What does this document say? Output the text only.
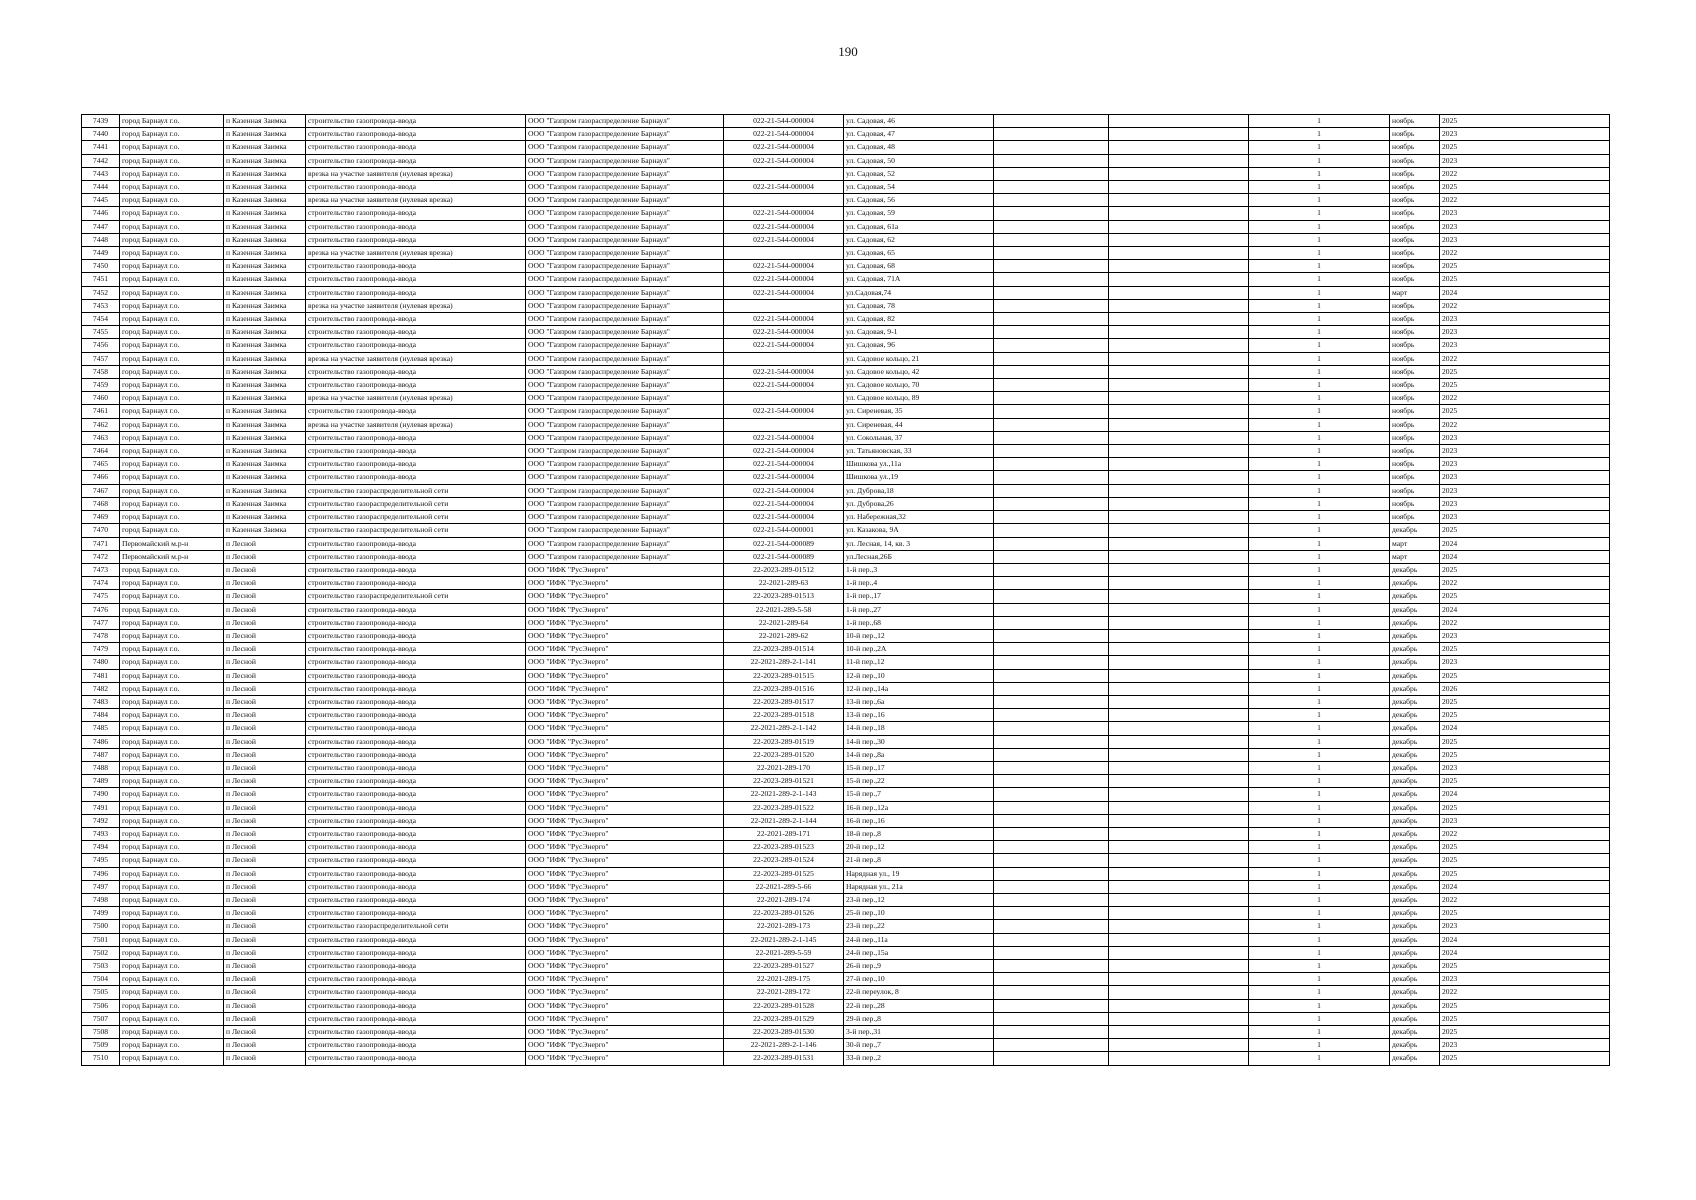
190
7439	город Барнаул г.о.	п Казенная Заимка	строительство газопровода-ввода	ООО "Газпром газораспределение Барнаул"	022-21-544-000004	ул. Садовая, 46			1	ноябрь	2025
7440	город Барнаул г.о.	п Казенная Заимка	строительство газопровода-ввода	ООО "Газпром газораспределение Барнаул"	022-21-544-000004	ул. Садовая, 47			1	ноябрь	2023
7441	город Барнаул г.о.	п Казенная Заимка	строительство газопровода-ввода	ООО "Газпром газораспределение Барнаул"	022-21-544-000004	ул. Садовая, 48			1	ноябрь	2025
7442	город Барнаул г.о.	п Казенная Заимка	строительство газопровода-ввода	ООО "Газпром газораспределение Барнаул"	022-21-544-000004	ул. Садовая, 50			1	ноябрь	2023
7443	город Барнаул г.о.	п Казенная Заимка	врезка на участке заявителя (нулевая врезка)	ООО "Газпром газораспределение Барнаул"		ул. Садовая, 52			1	ноябрь	2022
7444	город Барнаул г.о.	п Казенная Заимка	строительство газопровода-ввода	ООО "Газпром газораспределение Барнаул"	022-21-544-000004	ул. Садовая, 54			1	ноябрь	2025
7445	город Барнаул г.о.	п Казенная Заимка	врезка на участке заявителя (нулевая врезка)	ООО "Газпром газораспределение Барнаул"		ул. Садовая, 56			1	ноябрь	2022
7446	город Барнаул г.о.	п Казенная Заимка	строительство газопровода-ввода	ООО "Газпром газораспределение Барнаул"	022-21-544-000004	ул. Садовая, 59			1	ноябрь	2023
7447	город Барнаул г.о.	п Казенная Заимка	строительство газопровода-ввода	ООО "Газпром газораспределение Барнаул"	022-21-544-000004	ул. Садовая, 61а			1	ноябрь	2023
7448	город Барнаул г.о.	п Казенная Заимка	строительство газопровода-ввода	ООО "Газпром газораспределение Барнаул"	022-21-544-000004	ул. Садовая, 62			1	ноябрь	2023
7449	город Барнаул г.о.	п Казенная Заимка	врезка на участке заявителя (нулевая врезка)	ООО "Газпром газораспределение Барнаул"		ул. Садовая, 65			1	ноябрь	2022
7450	город Барнаул г.о.	п Казенная Заимка	строительство газопровода-ввода	ООО "Газпром газораспределение Барнаул"	022-21-544-000004	ул. Садовая, 68			1	ноябрь	2025
7451	город Барнаул г.о.	п Казенная Заимка	строительство газопровода-ввода	ООО "Газпром газораспределение Барнаул"	022-21-544-000004	ул. Садовая, 71А			1	ноябрь	2025
7452	город Барнаул г.о.	п Казенная Заимка	строительство газопровода-ввода	ООО "Газпром газораспределение Барнаул"	022-21-544-000004	ул.Садовая,74			1	март	2024
7453	город Барнаул г.о.	п Казенная Заимка	врезка на участке заявителя (нулевая врезка)	ООО "Газпром газораспределение Барнаул"		ул. Садовая, 78			1	ноябрь	2022
7454	город Барнаул г.о.	п Казенная Заимка	строительство газопровода-ввода	ООО "Газпром газораспределение Барнаул"	022-21-544-000004	ул. Садовая, 82			1	ноябрь	2023
7455	город Барнаул г.о.	п Казенная Заимка	строительство газопровода-ввода	ООО "Газпром газораспределение Барнаул"	022-21-544-000004	ул. Садовая, 9-1			1	ноябрь	2023
7456	город Барнаул г.о.	п Казенная Заимка	строительство газопровода-ввода	ООО "Газпром газораспределение Барнаул"	022-21-544-000004	ул. Садовая, 96			1	ноябрь	2023
7457	город Барнаул г.о.	п Казенная Заимка	врезка на участке заявителя (нулевая врезка)	ООО "Газпром газораспределение Барнаул"		ул. Садовое кольцо, 21			1	ноябрь	2022
7458	город Барнаул г.о.	п Казенная Заимка	строительство газопровода-ввода	ООО "Газпром газораспределение Барнаул"	022-21-544-000004	ул. Садовое кольцо, 42			1	ноябрь	2025
7459	город Барнаул г.о.	п Казенная Заимка	строительство газопровода-ввода	ООО "Газпром газораспределение Барнаул"	022-21-544-000004	ул. Садовое кольцо, 70			1	ноябрь	2025
7460	город Барнаул г.о.	п Казенная Заимка	врезка на участке заявителя (нулевая врезка)	ООО "Газпром газораспределение Барнаул"		ул. Садовое кольцо, 89			1	ноябрь	2022
7461	город Барнаул г.о.	п Казенная Заимка	строительство газопровода-ввода	ООО "Газпром газораспределение Барнаул"	022-21-544-000004	ул. Сиреневая, 35			1	ноябрь	2025
7462	город Барнаул г.о.	п Казенная Заимка	врезка на участке заявителя (нулевая врезка)	ООО "Газпром газораспределение Барнаул"		ул. Сиреневая, 44			1	ноябрь	2022
7463	город Барнаул г.о.	п Казенная Заимка	строительство газопровода-ввода	ООО "Газпром газораспределение Барнаул"	022-21-544-000004	ул. Сокольная, 37			1	ноябрь	2023
7464	город Барнаул г.о.	п Казенная Заимка	строительство газопровода-ввода	ООО "Газпром газораспределение Барнаул"	022-21-544-000004	ул. Татьяновская, 33			1	ноябрь	2023
7465	город Барнаул г.о.	п Казенная Заимка	строительство газопровода-ввода	ООО "Газпром газораспределение Барнаул"	022-21-544-000004	Шишкова ул.,11а			1	ноябрь	2023
7466	город Барнаул г.о.	п Казенная Заимка	строительство газопровода-ввода	ООО "Газпром газораспределение Барнаул"	022-21-544-000004	Шишкова ул.,19			1	ноябрь	2023
7467	город Барнаул г.о.	п Казенная Заимка	строительство газораспределительной сети	ООО "Газпром газораспределение Барнаул"	022-21-544-000004	ул. Дуброва,18			1	ноябрь	2023
7468	город Барнаул г.о.	п Казенная Заимка	строительство газораспределительной сети	ООО "Газпром газораспределение Барнаул"	022-21-544-000004	ул. Дуброва,26			1	ноябрь	2023
7469	город Барнаул г.о.	п Казенная Заимка	строительство газораспределительной сети	ООО "Газпром газораспределение Барнаул"	022-21-544-000004	ул. Набережная,32			1	ноябрь	2023
7470	город Барнаул г.о.	п Казенная Заимка	строительство газораспределительной сети	ООО "Газпром газораспределение Барнаул"	022-21-544-000001	ул. Казакова, 9А			1	декабрь	2025
7471	Первомайский м.р-н	п Лесной	строительство газопровода-ввода	ООО "Газпром газораспределение Барнаул"	022-21-544-000089	ул. Лесная, 14, кв. 3			1	март	2024
7472	Первомайский м.р-н	п Лесной	строительство газопровода-ввода	ООО "Газпром газораспределение Барнаул"	022-21-544-000089	ул.Лесная,26Б			1	март	2024
7473	город Барнаул г.о.	п Лесной	строительство газопровода-ввода	ООО "ИФК "РусЭнерго"	22-2023-289-01512	1-й пер.,3			1	декабрь	2025
7474	город Барнаул г.о.	п Лесной	строительство газопровода-ввода	ООО "ИФК "РусЭнерго"	22-2021-289-63	1-й пер.,4			1	декабрь	2022
7475	город Барнаул г.о.	п Лесной	строительство газораспределительной сети	ООО "ИФК "РусЭнерго"	22-2023-289-01513	1-й пер.,17			1	декабрь	2025
7476	город Барнаул г.о.	п Лесной	строительство газопровода-ввода	ООО "ИФК "РусЭнерго"	22-2021-289-5-58	1-й пер.,27			1	декабрь	2024
7477	город Барнаул г.о.	п Лесной	строительство газопровода-ввода	ООО "ИФК "РусЭнерго"	22-2021-289-64	1-й пер.,68			1	декабрь	2022
7478	город Барнаул г.о.	п Лесной	строительство газопровода-ввода	ООО "ИФК "РусЭнерго"	22-2021-289-62	10-й пер.,12			1	декабрь	2023
7479	город Барнаул г.о.	п Лесной	строительство газопровода-ввода	ООО "ИФК "РусЭнерго"	22-2023-289-01514	10-й пер.,2А			1	декабрь	2025
7480	город Барнаул г.о.	п Лесной	строительство газопровода-ввода	ООО "ИФК "РусЭнерго"	22-2021-289-2-1-141	11-й пер.,12			1	декабрь	2023
7481	город Барнаул г.о.	п Лесной	строительство газопровода-ввода	ООО "ИФК "РусЭнерго"	22-2023-289-01515	12-й пер.,10			1	декабрь	2025
7482	город Барнаул г.о.	п Лесной	строительство газопровода-ввода	ООО "ИФК "РусЭнерго"	22-2023-289-01516	12-й пер.,14а			1	декабрь	2026
7483	город Барнаул г.о.	п Лесной	строительство газопровода-ввода	ООО "ИФК "РусЭнерго"	22-2023-289-01517	13-й пер.,6а			1	декабрь	2025
7484	город Барнаул г.о.	п Лесной	строительство газопровода-ввода	ООО "ИФК "РусЭнерго"	22-2023-289-01518	13-й пер.,16			1	декабрь	2025
7485	город Барнаул г.о.	п Лесной	строительство газопровода-ввода	ООО "ИФК "РусЭнерго"	22-2021-289-2-1-142	14-й пер.,18			1	декабрь	2024
7486	город Барнаул г.о.	п Лесной	строительство газопровода-ввода	ООО "ИФК "РусЭнерго"	22-2023-289-01519	14-й пер.,30			1	декабрь	2025
7487	город Барнаул г.о.	п Лесной	строительство газопровода-ввода	ООО "ИФК "РусЭнерго"	22-2023-289-01520	14-й пер.,8а			1	декабрь	2025
7488	город Барнаул г.о.	п Лесной	строительство газопровода-ввода	ООО "ИФК "РусЭнерго"	22-2021-289-170	15-й пер.,17			1	декабрь	2023
7489	город Барнаул г.о.	п Лесной	строительство газопровода-ввода	ООО "ИФК "РусЭнерго"	22-2023-289-01521	15-й пер.,22			1	декабрь	2025
7490	город Барнаул г.о.	п Лесной	строительство газопровода-ввода	ООО "ИФК "РусЭнерго"	22-2021-289-2-1-143	15-й пер.,7			1	декабрь	2024
7491	город Барнаул г.о.	п Лесной	строительство газопровода-ввода	ООО "ИФК "РусЭнерго"	22-2023-289-01522	16-й пер.,12а			1	декабрь	2025
7492	город Барнаул г.о.	п Лесной	строительство газопровода-ввода	ООО "ИФК "РусЭнерго"	22-2021-289-2-1-144	16-й пер.,16			1	декабрь	2023
7493	город Барнаул г.о.	п Лесной	строительство газопровода-ввода	ООО "ИФК "РусЭнерго"	22-2021-289-171	18-й пер.,8			1	декабрь	2022
7494	город Барнаул г.о.	п Лесной	строительство газопровода-ввода	ООО "ИФК "РусЭнерго"	22-2023-289-01523	20-й пер.,12			1	декабрь	2025
7495	город Барнаул г.о.	п Лесной	строительство газопровода-ввода	ООО "ИФК "РусЭнерго"	22-2023-289-01524	21-й пер.,8			1	декабрь	2025
7496	город Барнаул г.о.	п Лесной	строительство газопровода-ввода	ООО "ИФК "РусЭнерго"	22-2023-289-01525	Нарядная ул., 19			1	декабрь	2025
7497	город Барнаул г.о.	п Лесной	строительство газопровода-ввода	ООО "ИФК "РусЭнерго"	22-2021-289-5-66	Нарядная ул., 21а			1	декабрь	2024
7498	город Барнаул г.о.	п Лесной	строительство газопровода-ввода	ООО "ИФК "РусЭнерго"	22-2021-289-174	23-й пер.,12			1	декабрь	2022
7499	город Барнаул г.о.	п Лесной	строительство газопровода-ввода	ООО "ИФК "РусЭнерго"	22-2023-289-01526	25-й пер.,10			1	декабрь	2025
7500	город Барнаул г.о.	п Лесной	строительство газораспределительной сети	ООО "ИФК "РусЭнерго"	22-2021-289-173	23-й пер.,22			1	декабрь	2023
7501	город Барнаул г.о.	п Лесной	строительство газопровода-ввода	ООО "ИФК "РусЭнерго"	22-2021-289-2-1-145	24-й пер.,11а			1	декабрь	2024
7502	город Барнаул г.о.	п Лесной	строительство газопровода-ввода	ООО "ИФК "РусЭнерго"	22-2021-289-5-59	24-й пер.,15а			1	декабрь	2024
7503	город Барнаул г.о.	п Лесной	строительство газопровода-ввода	ООО "ИФК "РусЭнерго"	22-2023-289-01527	26-й пер.,9			1	декабрь	2025
7504	город Барнаул г.о.	п Лесной	строительство газопровода-ввода	ООО "ИФК "РусЭнерго"	22-2021-289-175	27-й пер.,10			1	декабрь	2023
7505	город Барнаул г.о.	п Лесной	строительство газопровода-ввода	ООО "ИФК "РусЭнерго"	22-2021-289-172	22-й переулок, 8			1	декабрь	2022
7506	город Барнаул г.о.	п Лесной	строительство газопровода-ввода	ООО "ИФК "РусЭнерго"	22-2023-289-01528	22-й пер.,28			1	декабрь	2025
7507	город Барнаул г.о.	п Лесной	строительство газопровода-ввода	ООО "ИФК "РусЭнерго"	22-2023-289-01529	29-й пер.,8			1	декабрь	2025
7508	город Барнаул г.о.	п Лесной	строительство газопровода-ввода	ООО "ИФК "РусЭнерго"	22-2023-289-01530	3-й пер.,31			1	декабрь	2025
7509	город Барнаул г.о.	п Лесной	строительство газопровода-ввода	ООО "ИФК "РусЭнерго"	22-2021-289-2-1-146	30-й пер.,7			1	декабрь	2023
7510	город Барнаул г.о.	п Лесной	строительство газопровода-ввода	ООО "ИФК "РусЭнерго"	22-2023-289-01531	33-й пер.,2			1	декабрь	2025
